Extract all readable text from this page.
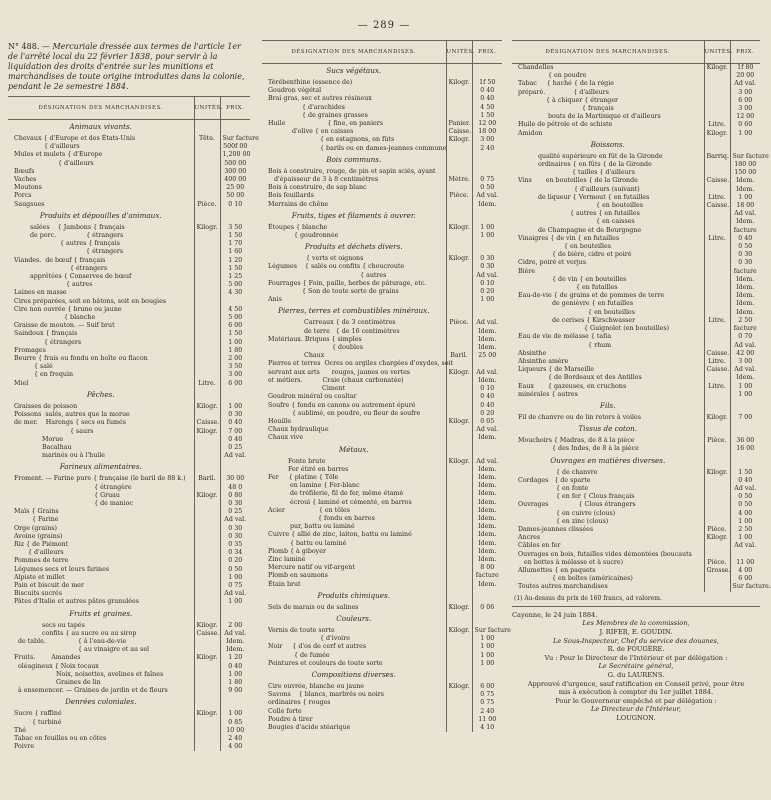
— 289 —
N° 488. — Mercuriale dressée aux termes de l'article 1er de l'arrêté local du 22 février 1838, pour servir à la liquidation des droits d'entrée sur les munitions et marchandises de toute origine introduites dans la colonie, pendant le 2e semestre 1884.
DÉSIGNATION DES MARCHANDISES.	UNITÉS.	PRIX.
Animaux vivants.		
Chevaux { d'Europe et des États-Unis	Tête.	Sur facture
{ d'ailleurs		500f 00
Mules et mulets { d'Europe		1,200 00
{ d'ailleurs		500 00
Bœufs		300 00
Vaches		400 00
Moutons		25 00
Porcs		50 00
Saugsues	Pièce.	0 10
Produits et dépouilles d'animaux.		
salées    { Jambons { français	Kilogr.	3 50
de porc.               { étrangers		1 50
{ autres { français		1 70
{ étrangers		1 60
Viandes.  de bœuf { français		1 20
{ étrangers		1 50
apprêtées { Conserves de bœuf		1 25
{ autres		5 00
Laines en masse		4 30
Cires préparées, soit en bâtons, soit en bougies		
Cire non ouvrée { brune ou jaune		4 50
{ blanche		5 00
Graisse de mouton. — Suif brut		6 00
Saindoux { français		1 50
{ étrangers		1 00
Fromages		1 80
Beurre { frais ou fondu en boîte ou flacon		2 00
{ salé		3 50
{ en frequin		3 00
Miel	Litre.	6 00
Pêches.		
Graisses de poisson	Kilogr.	1 00
Poissons  salés, autres que la morue		0 30
de mer.    Harengs { secs ou fumés	Caisse.	0 40
{ saurs	Kilogr.	7 00
Morue		0 40
Bacalhau		0 25
marinés ou à l'huile		Ad val.
Farineux alimentaires.		
Froment. — Farine pure { française (le baril de 88 k.)	Baril.	30 00
{ étrangère		48 0
{ Gruau	Kilogr.	0 80
{ de manioc		0 30
Maïs { Grains		0 25
{ Farine		Ad val.
Orge (grains)		0 30
Avoine (grains)		0 30
Riz { de Piémont		0 35
{ d'ailleurs		0 34
Pommes de terre		0 20
Légumes secs et leurs farines		0 50
Alpiste et millet		1 00
Pain et biscuit de mer		0 75
Biscuits sucrés		Ad val.
Pâtes d'Italie et autres pâtes granulées		1 00
Fruits et graines.		
secs ou tapés	Kilogr.	2 00
confits { au sucre ou au sirop	Caisse.	Ad val.
de table.                { à l'eau-de-vie		Idem.
{ au vinaigre et au sel		Idem.
Fruits.        Amandes	Kilogr.	1 20
oléagineux { Noix tocaux		0 40
Noix, noisettes, avelines et faînes		1 00
Graines de lin		1 80
à ensemencer. — Graines de jardin et de fleurs		9 00
Denrées coloniales.		
Sucre { raffiné	Kilogr.	1 00
{ turbiné		0 85
Thé		10 00
Tabac en feuilles ou en côtes		2 40
Poivre		4 00
DÉSIGNATION DES MARCHANDISES.	UNITÉS.	PRIX.
Sucs végétaux.		
Térébenthine (essence de)	Kilogr.	1f 50
Goudron végétal		0 40
Brai gras, sec et autres résineux		0 40
{ d'arachides		4 50
{ de graines grasses		1 50
Huile                     { fine, en paniers	Panier.	12 00
d'olive { en caisses	Caisse.	18 00
{ en estagnons, en fûts	Kilogr.	3 00
{ barils ou en dames-jeannes commune		2 40
Bois communs.		
Bois à construire, rouge, de pin et sapin sciés, ayant		
d'épaisseur de 3 à 8 centimètres	Mètre.	0 75
Bois à construire, de sap blanc		0 50
Bois feuillards	Pièce.	Ad val.
Merrains de chêne		Idem.
Fruits, tiges et filaments à ouvrer.		
Étoupes { blanche	Kilogr.	1 00
{ goudronnée		1 00
Produits et déchets divers.		
{ verts et oignons	Kilogr.	0 30
Légumes    { salés ou confits { choucroute		0 30
{ autres		Ad val.
Fourrages { Foin, paille, herbes de pâturage, etc.		0 10
{ Son de toute sorte de grains		0 20
Anis		1 00
Pierres, terres et combustibles minéraux.		
Carreaux { de 3 centimètres	Pièce.	Ad val.
de terre   { de 16 centimètres		Idem.
Matériaux. Briques { simples		Idem.
{ doubles		Idem.
Chaux	Baril.	25 00
Pierres et terres  Ocres ou argiles chargées d'oxydes, soit		
servant aux arts      rouges, jaunes ou vertes	Kilogr.	Ad val.
et métiers.          Craie (chaux carbonatée)		Idem.
Ciment		0 10
Goudron minéral ou coaltar		0 40
Soufre { fondu en canons ou autrement épuré		0 40
{ sublimé, en poudre, ou fleur de soufre		0 20
Houille	Kilogr.	0 05
Chaux hydraulique		Ad val.
Chaux vive		Idem.
Métaux.		
Fonte brute	Kilogr.	Ad val.
Fer étiré en barres		Idem.
Fer     { platine { Tôle		Idem.
en lamine { Fer-blanc		Idem.
de tréfilerie, fil de fer, même étamé		Idem.
écroui { laminé et cémenté, en barres		Idem.
Acier                 { en tôles		Idem.
{ fondu en barres		Idem.
pur, battu ou laminé		Idem.
Cuivre { allié de zinc, laiton, battu ou laminé		Idem.
{ battu ou laminé		Idem.
Plomb { à giboyer		Idem.
Zinc laminé		Idem.
Mercure natif ou vif-argent		8 00
Plomb en saumons		facture
Étain brut		Idem.
Produits chimiques.		
Sels de marais ou de salines	Kilogr.	0 06
Couleurs.		
Vernis de toute sorte	Kilogr.	Sur facture
{ d'ivoire		1 00
Noir     { d'os de cerf et autres		1 00
{ de fumée		1 00
Peintures et couleurs de toute sorte		1 00
Compositions diverses.		
Cire ouvrée, blanche ou jaune	Kilogr.	6 00
Savons    { blancs, marbrés ou noirs		0 75
ordinaires { rouges		0 75
Colle forte		2 40
Poudre à tirer		11 00
Bougies d'acide stéarique		4 10
DÉSIGNATION DES MARCHANDISES.	UNITÉS.	PRIX.
Chandelles	Kilogr.	1f 80
{ en poudre		20 00
Tabac     { haché { de la régie		Ad val.
préparé.              { d'ailleurs		3 00
{ à chiquer { étranger		6 00
{ français		3 00
bouts de la Martinique et d'ailleurs		12 00
Huile de pétrole et de schiste	Litre.	0 60
Amidon	Kilogr.	1 00
Boissons.		
qualité supérieure en fût de la Gironde	Barriq.	Sur facture
ordinaires { en fûts { de la Gironde		180 00
{ tailles { d'ailleurs		150 00
Vins       en bouteilles { de la Gironde	Caisse.	Idem.
{ d'ailleurs (suivant)		Idem.
de liqueur { Vermout { en futailles	Litre.	1 00
{ en bouteilles	Caisse.	18 00
{ autres { en futailles		Ad val.
{ en caisses		Idem.
de Champagne et de Bourgogne		facture
Vinaigres { de vin { en futailles	Litre.	0 40
{ en bouteilles		0 50
{ de bière, cidre et poiré		0 30
Cidre, poiré et verjus		0 30
Bière		facture
{ de vin { en bouteilles		Idem.
{ en futailles		Idem.
Eau-de-vie { de grains et de pommes de terre		Idem.
de genièvre { en futailles		Idem.
{ en bouteilles		Idem.
de cerises { Kirschwasser	Litre.	2 50
{ Guignolet (en bouteilles)		facture
Eau de vie de mélasse { tafia		0 70
{ rhum		Ad val.
Absinthe	Caisse.	42 00
Absinthe amère	Litre.	3 00
Liqueurs { de Marseille	Caisse.	Ad val.
{ de Bordeaux et des Antilles		Idem.
Eaux       { gazeuses, en cruchons	Litre.	1 00
minérales { autres		1 00
Fils.		
Fil de chanvre ou de lin retors à voiles	Kilogr.	7 00
Tissus de coton.		
Mouchoirs { Madras, de 8 à la pièce	Pièce.	36 00
{ des Indes, de 8 à la pièce		16 00
Ouvrages en matières diverses.		
{ de chanvre	Kilogr.	1 50
Cordages   { de sparte		0 40
{ en fonte		Ad val.
{ en fer { Clous français		0 50
Ouvrages               { Clous étrangers		0 50
{ en cuivre (clous)		4 00
{ en zinc (clous)		1 00
Dames-jeannes clissées	Pièce.	2 50
Ancres	Kilogr.	1 00
Câbles en fer		Ad val.
Ouvrages en bois, futailles vides démontées (boucauts		
en bottes à mélasse et à sucre)	Pièce.	11 00
Allumettes { en paquets	Grosse.	4 00
{ en boîtes (américaines)		6 00
Toutes autres marchandises		Sur facture.
(1) Au-dessus du prix de 160 francs, ad valorem.
Cayenne, le 24 juin 1884.
Les Membres de la commission,
J. RIFER, E. GOUDIN.
Le Sous-Inspecteur, Chef du service des douanes,
R. de FOUGÈRE.
Vu : Pour le Directeur de l'Intérieur et par délégation :
Le Secrétaire général,
G. du LAURENS.
Approuvé d'urgence, sauf ratification en Conseil privé, pour être
mis à exécution à compter du 1er juillet 1884.
Pour le Gouverneur empêché et par délégation :
Le Directeur de l'Intérieur,
LOUGNON.
